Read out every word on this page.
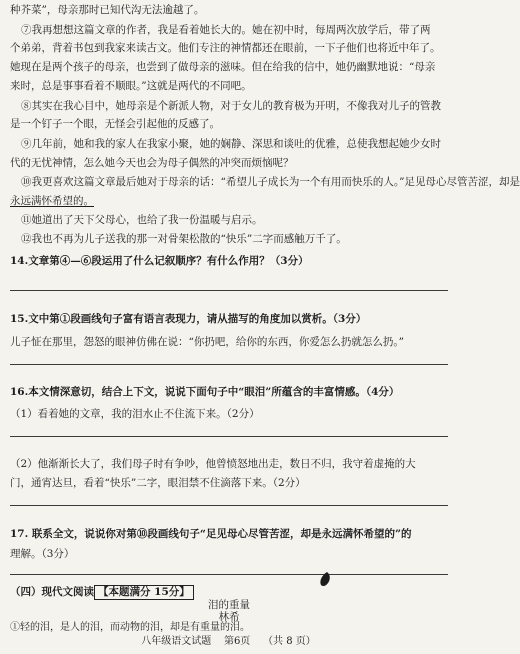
种芥菜”，母亲那时已知代沟无法逾越了。
⑦我再想想这篇文章的作者，我是看着她长大的。她在初中时，每周两次放学后，带了两
个弟弟，背着书包到我家来读古文。他们专注的神情都还在眼前，一下子他们也将近中年了。
她现在是两个孩子的母亲，也尝到了做母亲的滋味。但在给我的信中，她仍幽默地说：“母亲
来时，总是事事看着不顺眼。”这就是两代的不同吧。
⑧其实在我心目中，她母亲是个新派人物，对于女儿的教育极为开明，不像我对儿子的管教
是一个钉子一个眼，无怪会引起他的反感了。
⑨几年前，她和我的家人在我家小聚，她的娴静、深思和谈吐的优雅，总使我想起她少女时
代的无忧神情，怎么她今天也会为母子偶然的冲突而烦恼呢？
⑩我更喜欢这篇文章最后她对于母亲的话：“希望儿子成长为一个有用而快乐的人。”足见母心尽管苦涩，却是
永远满怀希望的。
⑪她道出了天下父母心，也给了我一份温暖与启示。
⑫我也不再为儿子送我的那一对骨架松散的“快乐”二字而感触万千了。
14.文章第④—⑥段运用了什么记叙顺序？有什么作用？（3分）
15.文中第①段画线句子富有语言表现力，请从描写的角度加以赏析。（3分）
儿子怔在那里，怨怒的眼神仿佛在说：“你扔吧，给你的东西，你爱怎么扔就怎么扔。”
16.本文情深意切，结合上下文，说说下面句子中“眼泪”所蕴含的丰富情感。（4分）
（1）看着她的文章，我的泪水止不住流下来。（2分）
（2）他渐渐长大了，我们母子时有争吵，他曾愤怒地出走，数日不归，我守着虚掩的大
门，通宵达旦，看着“快乐”二字，眼泪禁不住滴落下来。（2分）
17. 联系全文，说说你对第⑩段画线句子“足见母心尽管苦涩，却是永远满怀希望的”的
理解。（3分）
（四）现代文阅读 【本题满分 15分】
泪的重量
林希
①轻的泪，是人的泪，而动物的泪，却是有重量的泪。
八年级语文试题    第6页    （共 8 页）
